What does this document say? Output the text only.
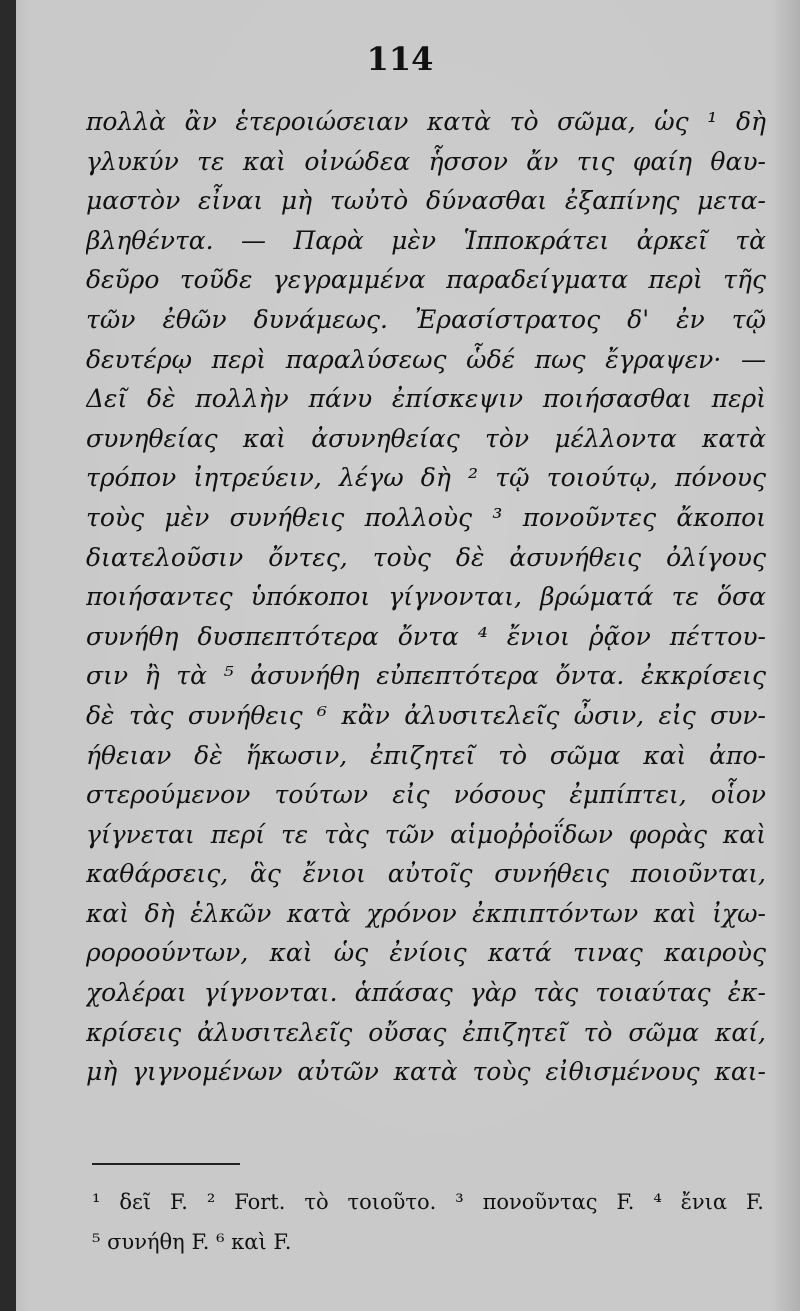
114
πολλὰ ἂν ἑτεροιώσειαν κατὰ τὸ σῶμα, ὡς ¹ δὴ
γλυκύν τε καὶ οἰνώδεα ἧσσον ἄν τις φαίη θαυ-
μαστὸν εἶναι μὴ τωὐτὸ δύνασθαι ἐξαπίνης μετα-
βληθέντα. — Παρὰ μὲν Ἱπποκράτει ἀρκεῖ τὰ
δεῦρο τοῦδε γεγραμμένα παραδείγματα περὶ τῆς
τῶν ἐθῶν δυνάμεως. Ἐρασίστρατος δ' ἐν τῷ
δευτέρῳ περὶ παραλύσεως ὧδέ πως ἔγραψεν· —
Δεῖ δὲ πολλὴν πάνυ ἐπίσκεψιν ποιήσασθαι περὶ
συνηθείας καὶ ἀσυνηθείας τὸν μέλλοντα κατὰ
τρόπον ἰητρεύειν, λέγω δὴ ² τῷ τοιούτῳ, πόνους
τοὺς μὲν συνήθεις πολλοὺς ³ πονοῦντες ἄκοποι
διατελοῦσιν ὄντες, τοὺς δὲ ἀσυνήθεις ὀλίγους
ποιήσαντες ὑπόκοποι γίγνονται, βρώματά τε ὅσα
συνήθη δυσπεπτότερα ὄντα ⁴ ἔνιοι ῥᾷον πέττου-
σιν ἢ τὰ ⁵ ἀσυνήθη εὐπεπτότερα ὄντα. ἐκκρίσεις
δὲ τὰς συνήθεις ⁶ κἂν ἀλυσιτελεῖς ὦσιν, εἰς συν-
ήθειαν δὲ ἥκωσιν, ἐπιζητεῖ τὸ σῶμα καὶ ἀπο-
στερούμενον τούτων εἰς νόσους ἐμπίπτει, οἷον
γίγνεται περί τε τὰς τῶν αἱμοῤῥοΐδων φορὰς καὶ
καθάρσεις, ἃς ἔνιοι αὐτοῖς συνήθεις ποιοῦνται,
καὶ δὴ ἑλκῶν κατὰ χρόνον ἐκπιπτόντων καὶ ἰχω-
ροροούντων, καὶ ὡς ἐνίοις κατά τινας καιροὺς
χολέραι γίγνονται. ἁπάσας γὰρ τὰς τοιαύτας ἐκ-
κρίσεις ἀλυσιτελεῖς οὔσας ἐπιζητεῖ τὸ σῶμα καί,
μὴ γιγνομένων αὐτῶν κατὰ τοὺς εἰθισμένους και-
¹ δεῖ F. ² Fort. τὸ τοιοῦτο. ³ πονοῦντας F. ⁴ ἔνια F.
⁵ συνήθη F. ⁶ καὶ F.
